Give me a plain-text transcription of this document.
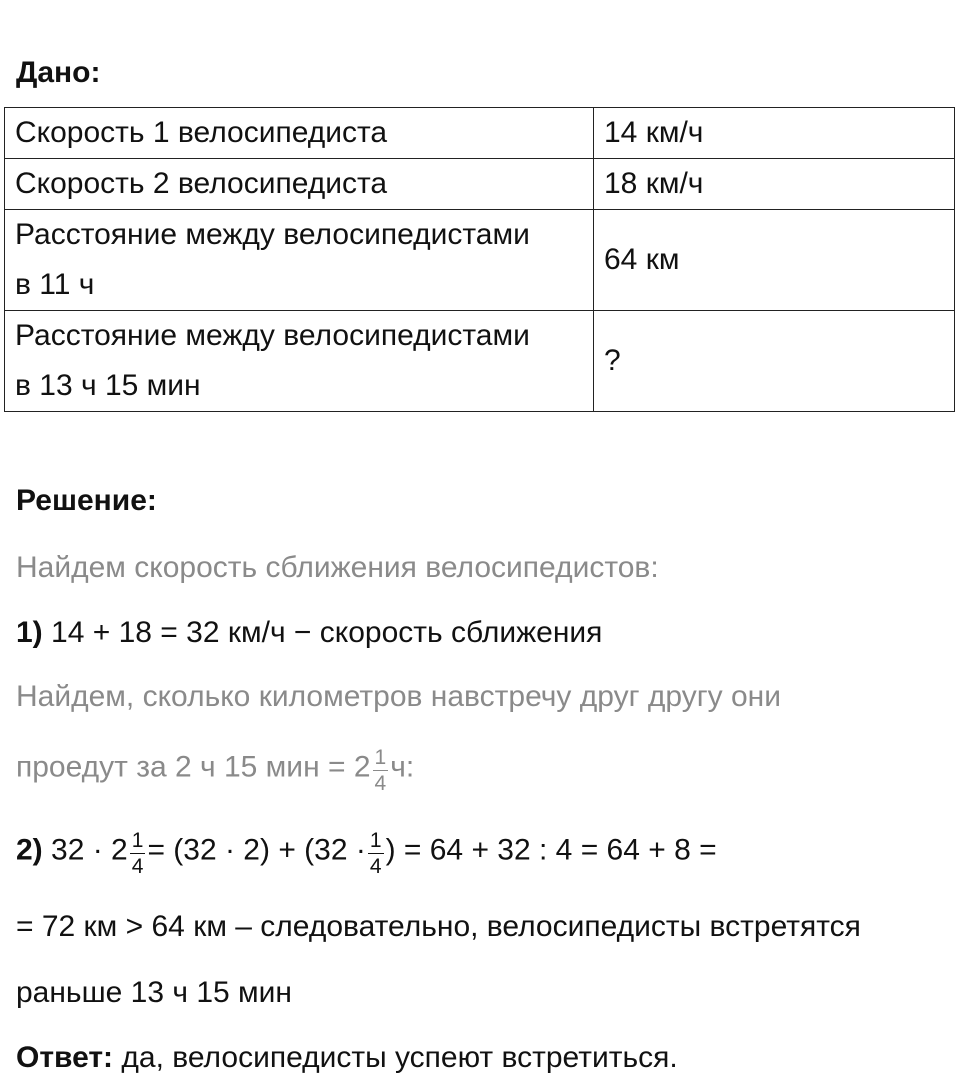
Дано:
Скорость 1 велосипедиста	14 км/ч
Скорость 2 велосипедиста	18 км/ч
Расстояние между велосипедистами
в 11 ч	64 км
Расстояние между велосипедистами
в 13 ч 15 мин	?
Решение:
Найдем скорость сближения велосипедистов:
1) 14 + 18 = 32 км/ч − скорость сближения
Найдем, сколько километров навстречу друг другу они
проедут за 2 ч 15 мин = $2 \frac{1}{4} ч$:
2) $32 \cdot 2 \frac{1}{4} = (32 \cdot 2) + (32 \cdot \frac{1}{4}$ ) = 64 + 32 : 4 = 64 + 8 =
= 72 км > 64 км – следовательно, велосипедисты встретятся
раньше 13 ч 15 мин
Ответ: да, велосипедисты успеют встретиться.
